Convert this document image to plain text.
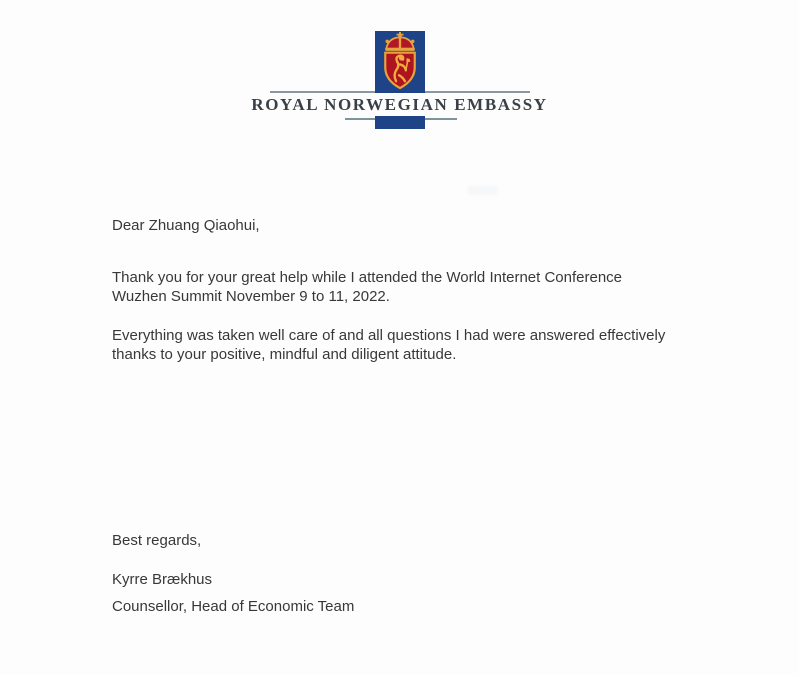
ROYAL NORWEGIAN EMBASSY
Dear Zhuang Qiaohui,
Thank you for your great help while I attended the World Internet Conference
Wuzhen Summit November 9 to 11, 2022.
Everything was taken well care of and all questions I had were answered effectively
thanks to your positive, mindful and diligent attitude.
Best regards,
Kyrre Brækhus
Counsellor, Head of Economic Team
